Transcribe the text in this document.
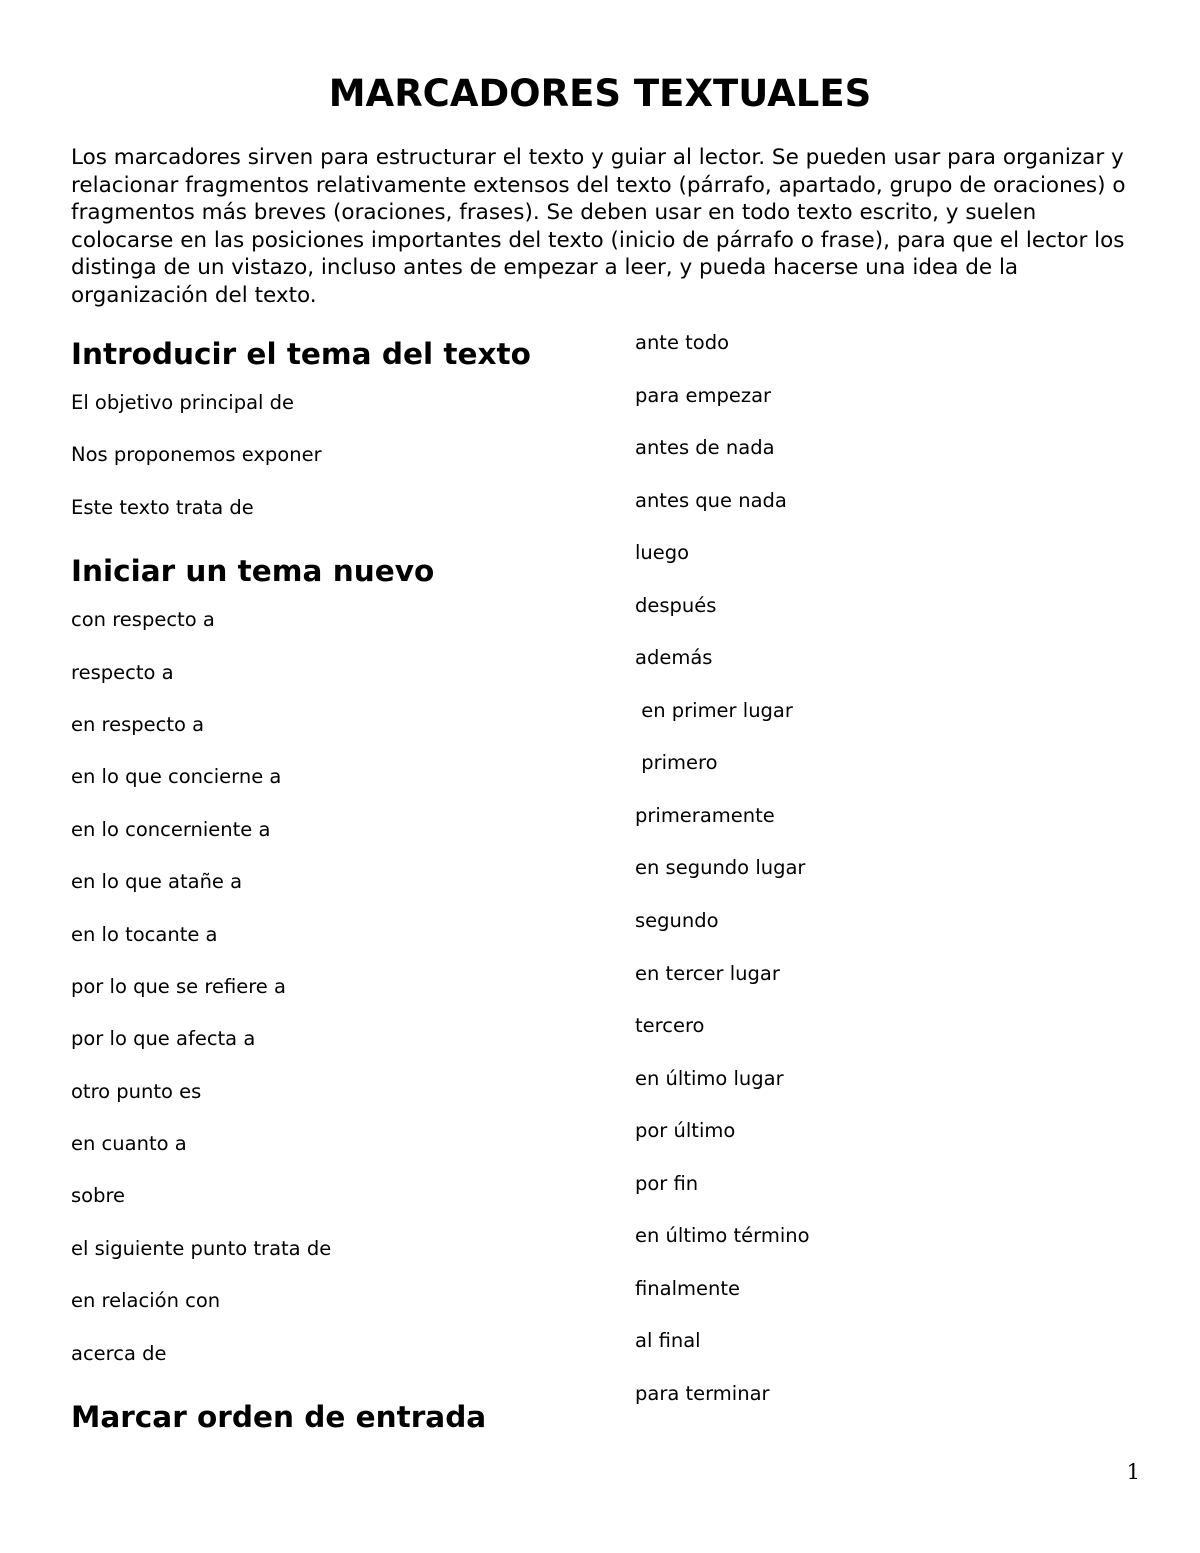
MARCADORES TEXTUALES

Los marcadores sirven para estructurar el texto y guiar al lector. Se pueden usar para organizar y relacionar fragmentos relativamente extensos del texto (párrafo, apartado, grupo de oraciones) o fragmentos más breves (oraciones, frases). Se deben usar en todo texto escrito, y suelen colocarse en las posiciones importantes del texto (inicio de párrafo o frase), para que el lector los distinga de un vistazo, incluso antes de empezar a leer, y pueda hacerse una idea de la organización del texto.

Introducir el tema del texto
El objetivo principal de
Nos proponemos exponer
Este texto trata de
Iniciar un tema nuevo
con respecto a
respecto a
en respecto a
en lo que concierne a
en lo concerniente a
en lo que atañe a
en lo tocante a
por lo que se refiere a
por lo que afecta a
otro punto es
en cuanto a
sobre
el siguiente punto trata de
en relación con
acerca de
Marcar orden de entrada
ante todo
para empezar
antes de nada
antes que nada
luego
después
además
en primer lugar
primero
primeramente
en segundo lugar
segundo
en tercer lugar
tercero
en último lugar
por último
por fin
en último término
finalmente
al final
para terminar
1
